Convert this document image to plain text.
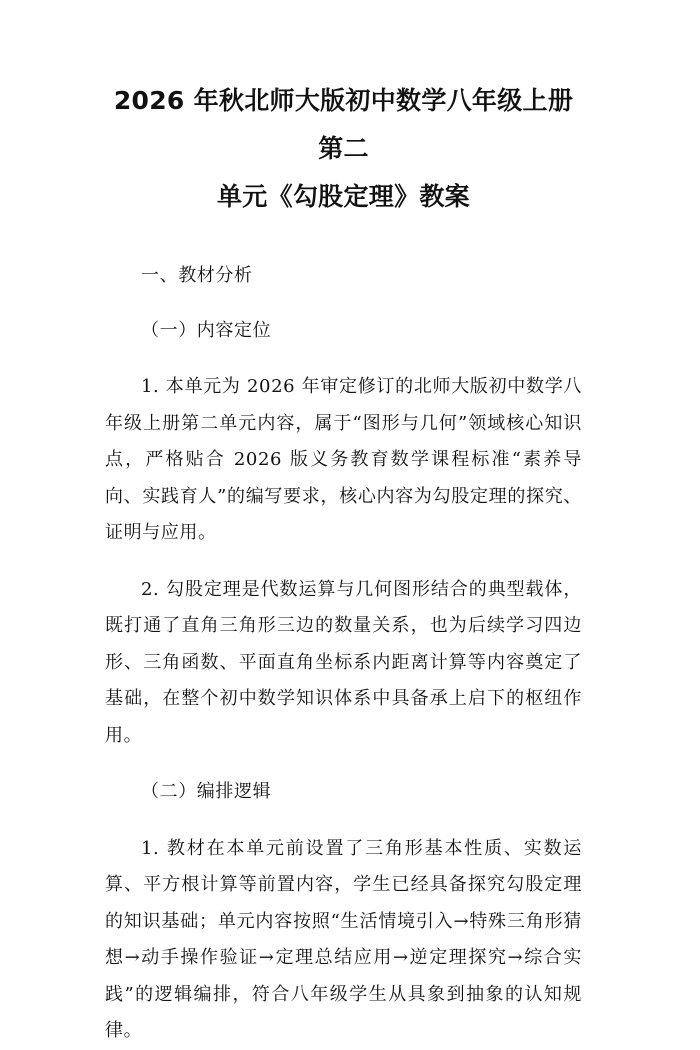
2026 年秋北师大版初中数学八年级上册第二
单元《勾股定理》教案

一、教材分析

（一）内容定位

1. 本单元为 2026 年审定修订的北师大版初中数学八年级上册第二单元内容，属于“图形与几何”领域核心知识点，严格贴合 2026 版义务教育数学课程标准“素养导向、实践育人”的编写要求，核心内容为勾股定理的探究、证明与应用。

2. 勾股定理是代数运算与几何图形结合的典型载体，既打通了直角三角形三边的数量关系，也为后续学习四边形、三角函数、平面直角坐标系内距离计算等内容奠定了基础，在整个初中数学知识体系中具备承上启下的枢纽作用。

（二）编排逻辑

1. 教材在本单元前设置了三角形基本性质、实数运算、平方根计算等前置内容，学生已经具备探究勾股定理的知识基础；单元内容按照“生活情境引入→特殊三角形猜想→动手操作验证→定理总结应用→逆定理探究→综合实践”的逻辑编排，符合八年级学生从具象到抽象的认知规律。
